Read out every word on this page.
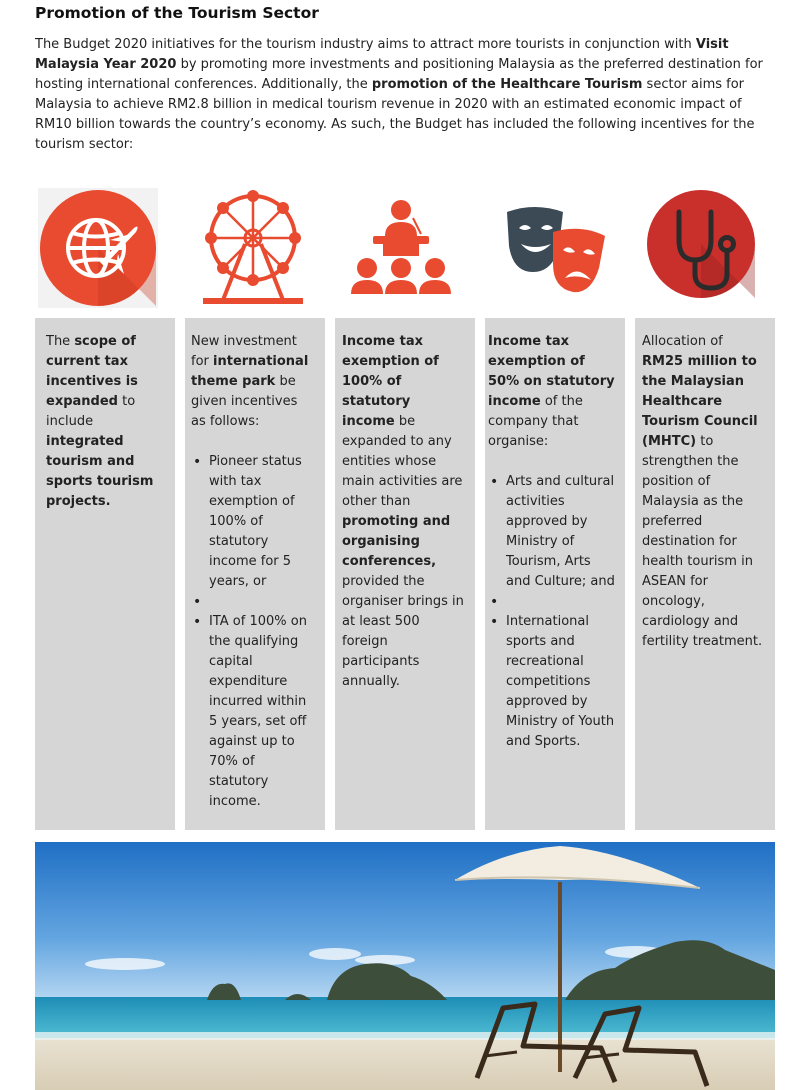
Promotion of the Tourism Sector

The Budget 2020 initiatives for the tourism industry aims to attract more tourists in conjunction with Visit Malaysia Year 2020 by promoting more investments and positioning Malaysia as the preferred destination for hosting international conferences. Additionally, the promotion of the Healthcare Tourism sector aims for Malaysia to achieve RM2.8 billion in medical tourism revenue in 2020 with an estimated economic impact of RM10 billion towards the country’s economy. As such, the Budget has included the following incentives for the tourism sector:

The scope of current tax incentives is expanded to include integrated tourism and sports tourism projects.

New investment for international theme park be given incentives as follows:

• Pioneer status with tax exemption of 100% of statutory income for 5 years, or
•
• ITA of 100% on the qualifying capital expenditure incurred within 5 years, set off against up to 70% of statutory income.

Income tax exemption of 100% of statutory income be expanded to any entities whose main activities are other than promoting and organising conferences, provided the organiser brings in at least 500 foreign participants annually.

Income tax exemption of 50% on statutory income of the company that organise:

• Arts and cultural activities approved by Ministry of Tourism, Arts and Culture; and
•
• International sports and recreational competitions approved by Ministry of Youth and Sports.

Allocation of RM25 million to the Malaysian Healthcare Tourism Council (MHTC) to strengthen the position of Malaysia as the preferred destination for health tourism in ASEAN for oncology, cardiology and fertility treatment.
